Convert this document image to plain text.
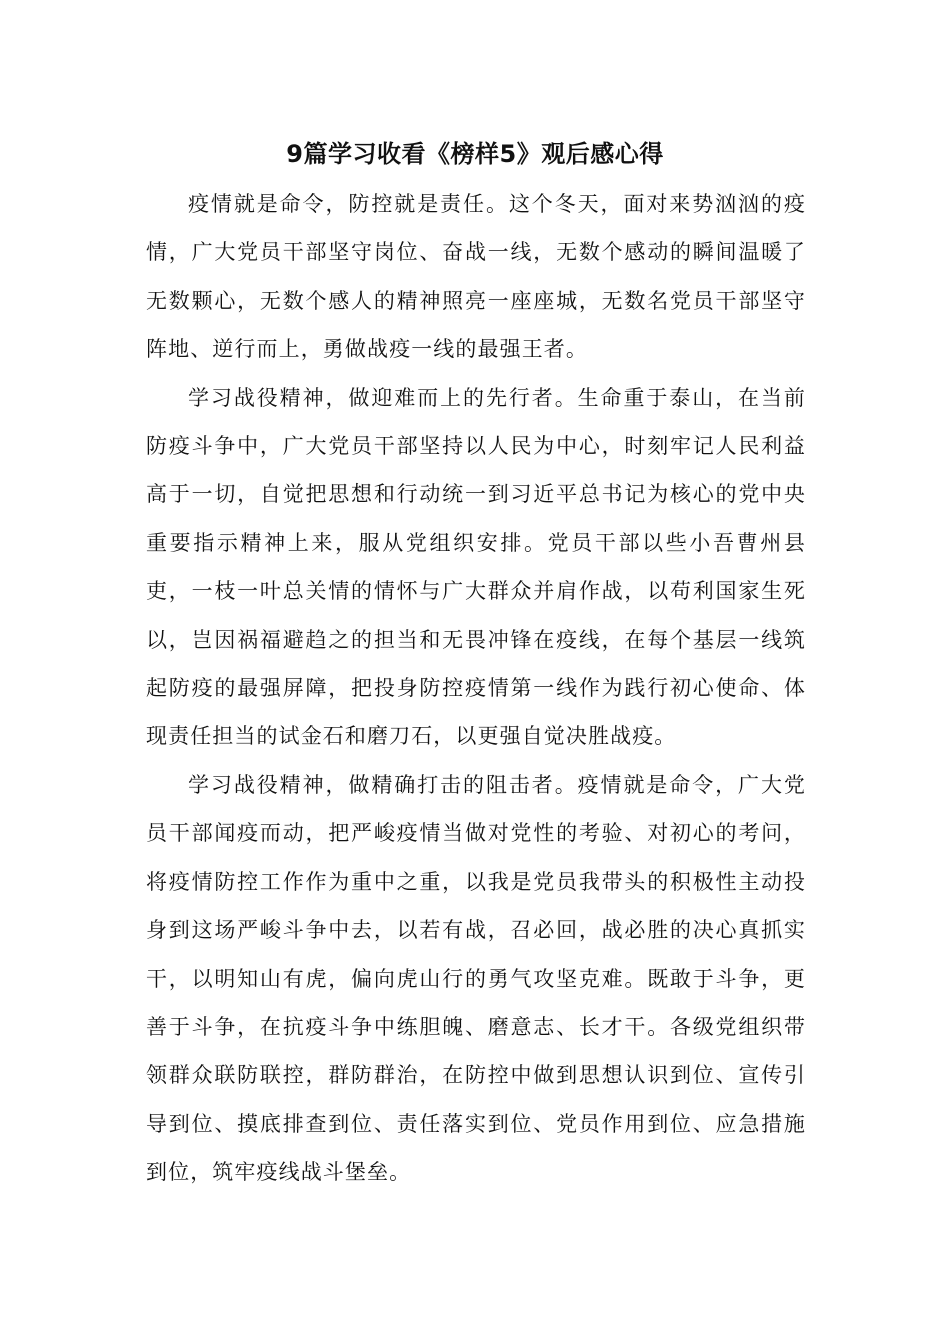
9篇学习收看《榜样5》观后感心得

疫情就是命令，防控就是责任。这个冬天，面对来势汹汹的疫情，广大党员干部坚守岗位、奋战一线，无数个感动的瞬间温暖了无数颗心，无数个感人的精神照亮一座座城，无数名党员干部坚守阵地、逆行而上，勇做战疫一线的最强王者。

学习战役精神，做迎难而上的先行者。生命重于泰山，在当前防疫斗争中，广大党员干部坚持以人民为中心，时刻牢记人民利益高于一切，自觉把思想和行动统一到习近平总书记为核心的党中央重要指示精神上来，服从党组织安排。党员干部以些小吾曹州县吏，一枝一叶总关情的情怀与广大群众并肩作战，以苟利国家生死以，岂因祸福避趋之的担当和无畏冲锋在疫线，在每个基层一线筑起防疫的最强屏障，把投身防控疫情第一线作为践行初心使命、体现责任担当的试金石和磨刀石，以更强自觉决胜战疫。

学习战役精神，做精确打击的阻击者。疫情就是命令，广大党员干部闻疫而动，把严峻疫情当做对党性的考验、对初心的考问，将疫情防控工作作为重中之重，以我是党员我带头的积极性主动投身到这场严峻斗争中去，以若有战，召必回，战必胜的决心真抓实干，以明知山有虎，偏向虎山行的勇气攻坚克难。既敢于斗争，更善于斗争，在抗疫斗争中练胆魄、磨意志、长才干。各级党组织带领群众联防联控，群防群治，在防控中做到思想认识到位、宣传引导到位、摸底排查到位、责任落实到位、党员作用到位、应急措施到位，筑牢疫线战斗堡垒。
